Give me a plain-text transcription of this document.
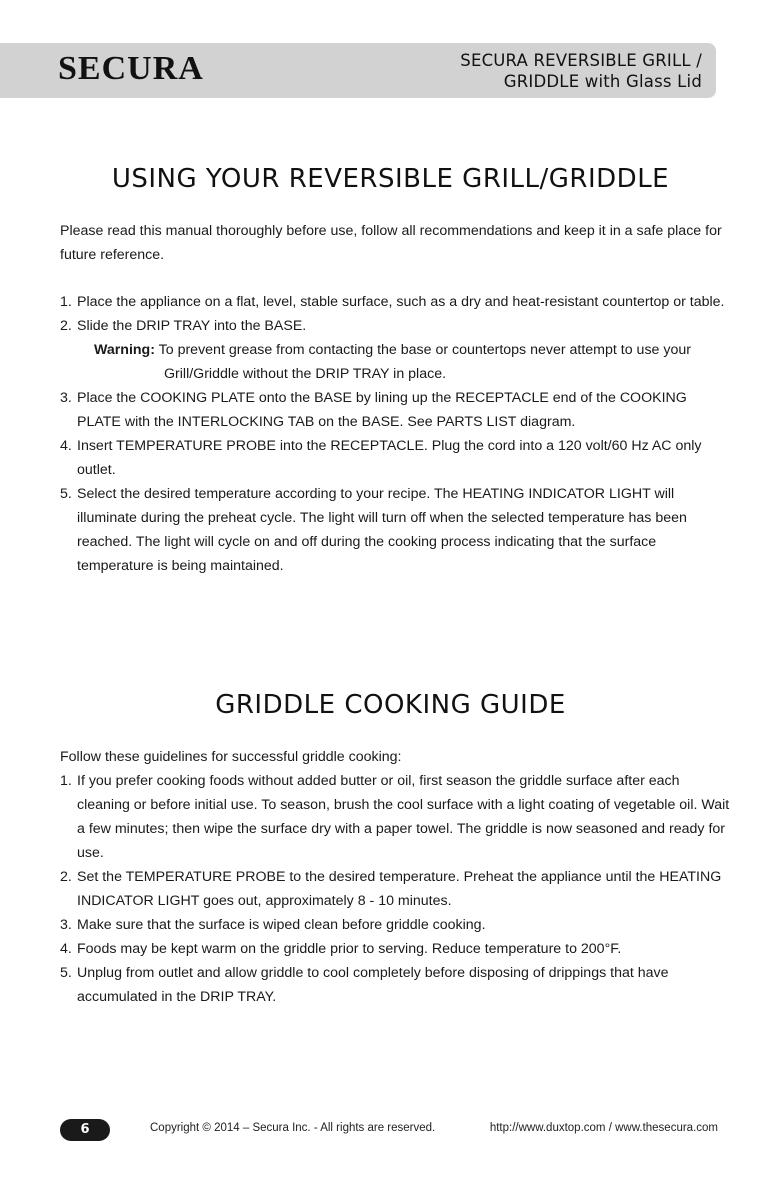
SECURA	SECURA REVERSIBLE GRILL /
GRIDDLE with Glass Lid
USING YOUR REVERSIBLE GRILL/GRIDDLE

Please read this manual thoroughly before use, follow all recommendations and keep it in a safe place for future reference.

1. Place the appliance on a flat, level, stable surface, such as a dry and heat-resistant countertop or table.
2. Slide the DRIP TRAY into the BASE.
Warning: To prevent grease from contacting the base or countertops never attempt to use your Grill/Griddle without the DRIP TRAY in place.
3. Place the COOKING PLATE onto the BASE by lining up the RECEPTACLE end of the COOKING PLATE with the INTERLOCKING TAB on the BASE. See PARTS LIST diagram.
4. Insert TEMPERATURE PROBE into the RECEPTACLE. Plug the cord into a 120 volt/60 Hz AC only outlet.
5. Select the desired temperature according to your recipe. The HEATING INDICATOR LIGHT will illuminate during the preheat cycle. The light will turn off when the selected temperature has been reached. The light will cycle on and off during the cooking process indicating that the surface temperature is being maintained.
GRIDDLE COOKING GUIDE

Follow these guidelines for successful griddle cooking:

1. If you prefer cooking foods without added butter or oil, first season the griddle surface after each cleaning or before initial use. To season, brush the cool surface with a light coating of vegetable oil. Wait a few minutes; then wipe the surface dry with a paper towel. The griddle is now seasoned and ready for use.
2. Set the TEMPERATURE PROBE to the desired temperature. Preheat the appliance until the HEATING INDICATOR LIGHT goes out, approximately 8 - 10 minutes.
3. Make sure that the surface is wiped clean before griddle cooking.
4. Foods may be kept warm on the griddle prior to serving. Reduce temperature to 200°F.
5. Unplug from outlet and allow griddle to cool completely before disposing of drippings that have accumulated in the DRIP TRAY.
6	Copyright © 2014 – Secura Inc. - All rights are reserved.	http://www.duxtop.com / www.thesecura.com
